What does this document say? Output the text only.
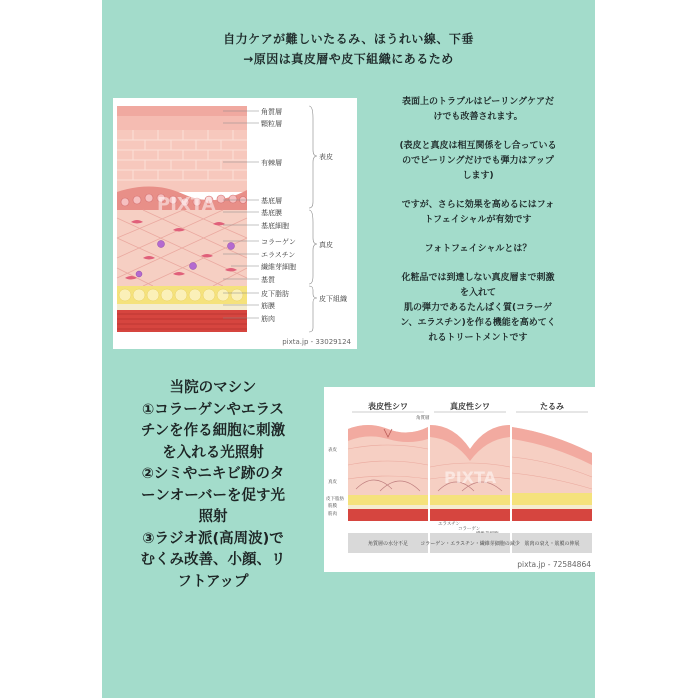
自力ケアが難しいたるみ、ほうれい線、下垂
→原因は真皮層や皮下組織にあるため
角質層
顆粒層
有棘層
基底層
基底膜
基底細胞
コラーゲン
エラスチン
繊維芽細胞
基質
皮下脂肪
筋膜
筋肉
表皮
真皮
皮下組織
PIXTA
pixta.jp - 33029124
表面上のトラブルはピーリングケアだ
けでも改善されます。
(表皮と真皮は相互関係をし合っている
のでピーリングだけでも弾力はアップ
します)
ですが、さらに効果を高めるにはフォ
トフェイシャルが有効です
フォトフェイシャルとは？
化粧品では到達しない真皮層まで刺激
を入れて
肌の弾力であるたんぱく質(コラーゲ
ン、エラスチン)を作る機能を高めてく
れるトリートメントです
当院のマシン
①コラーゲンやエラス
チンを作る細胞に刺激
を入れる光照射
②シミやニキビ跡のタ
ーンオーバーを促す光
照射
③ラジオ派(高周波)で
むくみ改善、小顔、リ
フトアップ
表皮性シワ	真皮性シワ	たるみ
表皮
真皮
皮下脂肪
筋膜
筋肉
角質層
エラスチン
コラーゲン
角質層の水分不足 コラーゲン・エラスチン・繊維芽細胞の減少 筋肉の衰え・筋膜の伸展
PIXTA
pixta.jp - 72584864
